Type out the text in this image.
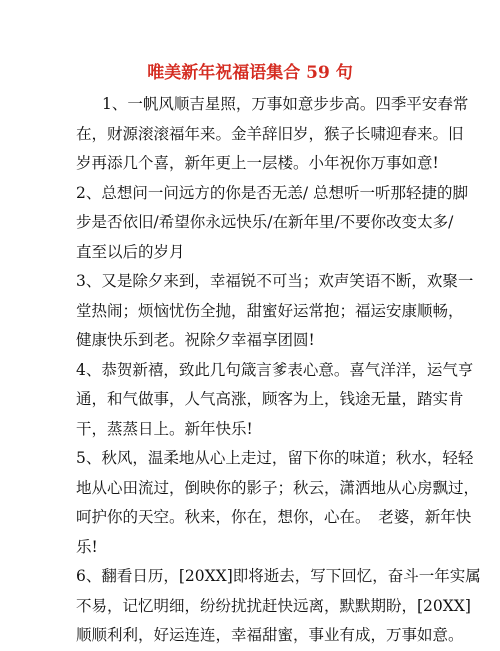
唯美新年祝福语集合 59 句
1、一帆风顺吉星照，万事如意步步高。四季平安春常
在，财源滚滚福年来。金羊辞旧岁，猴子长啸迎春来。旧
岁再添几个喜，新年更上一层楼。小年祝你万事如意!
2、总想问一问远方的你是否无恙/ 总想听一听那轻捷的脚
步是否依旧/希望你永远快乐/在新年里/不要你改变太多/
直至以后的岁月
3、又是除夕来到，幸福锐不可当；欢声笑语不断，欢聚一
堂热闹；烦恼忧伤全抛，甜蜜好运常抱；福运安康顺畅，
健康快乐到老。祝除夕幸福享团圆!
4、恭贺新禧，致此几句箴言爹表心意。喜气洋洋，运气亨
通，和气做事，人气高涨，顾客为上，钱途无量，踏实肯
干，蒸蒸日上。新年快乐!
5、秋风，温柔地从心上走过，留下你的味道；秋水，轻轻
地从心田流过，倒映你的影子；秋云，潇洒地从心房飘过，
呵护你的天空。秋来，你在，想你，心在。　老婆，新年快
乐!
6、翻看日历，[20XX]即将逝去，写下回忆，奋斗一年实属
不易，记忆明细，纷纷扰扰赶快远离，默默期盼，[20XX]
顺顺利利，好运连连，幸福甜蜜，事业有成，万事如意。
